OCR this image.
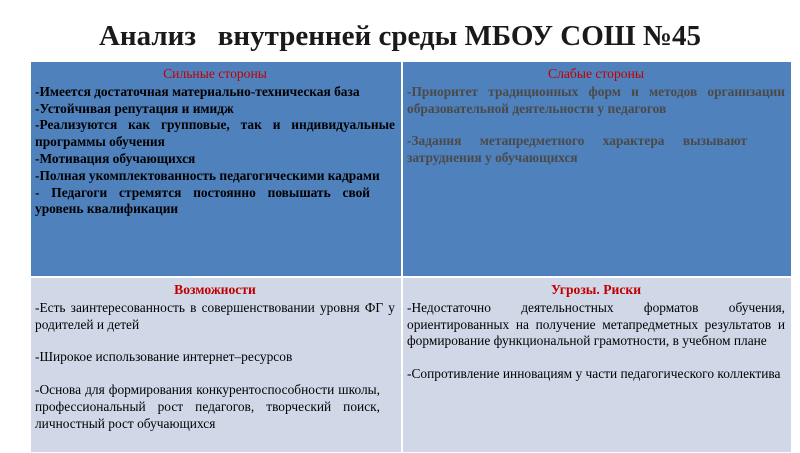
Анализ   внутренней среды МБОУ СОШ №45
Сильные стороны
-Имеется достаточная материально-техническая база
-Устойчивая репутация и имидж
-Реализуются как групповые, так и индивидуальные программы обучения
-Мотивация обучающихся
-Полная укомплектованность педагогическими кадрами
- Педагоги стремятся постоянно повышать свой уровень квалификации
Слабые стороны
-Приоритет традиционных форм и методов организации образовательной деятельности у педагогов
-Задания метапредметного характера вызывают затруднения у обучающихся
Возможности
-Есть заинтересованность в совершенствовании уровня ФГ у родителей и детей
-Широкое использование интернет–ресурсов
-Основа для формирования конкурентоспособности школы, профессиональный рост педагогов, творческий поиск, личностный рост обучающихся
Угрозы. Риски
-Недостаточно деятельностных форматов обучения, ориентированных на получение метапредметных результатов и формирование функциональной грамотности, в учебном плане
-Сопротивление инновациям у части педагогического коллектива
